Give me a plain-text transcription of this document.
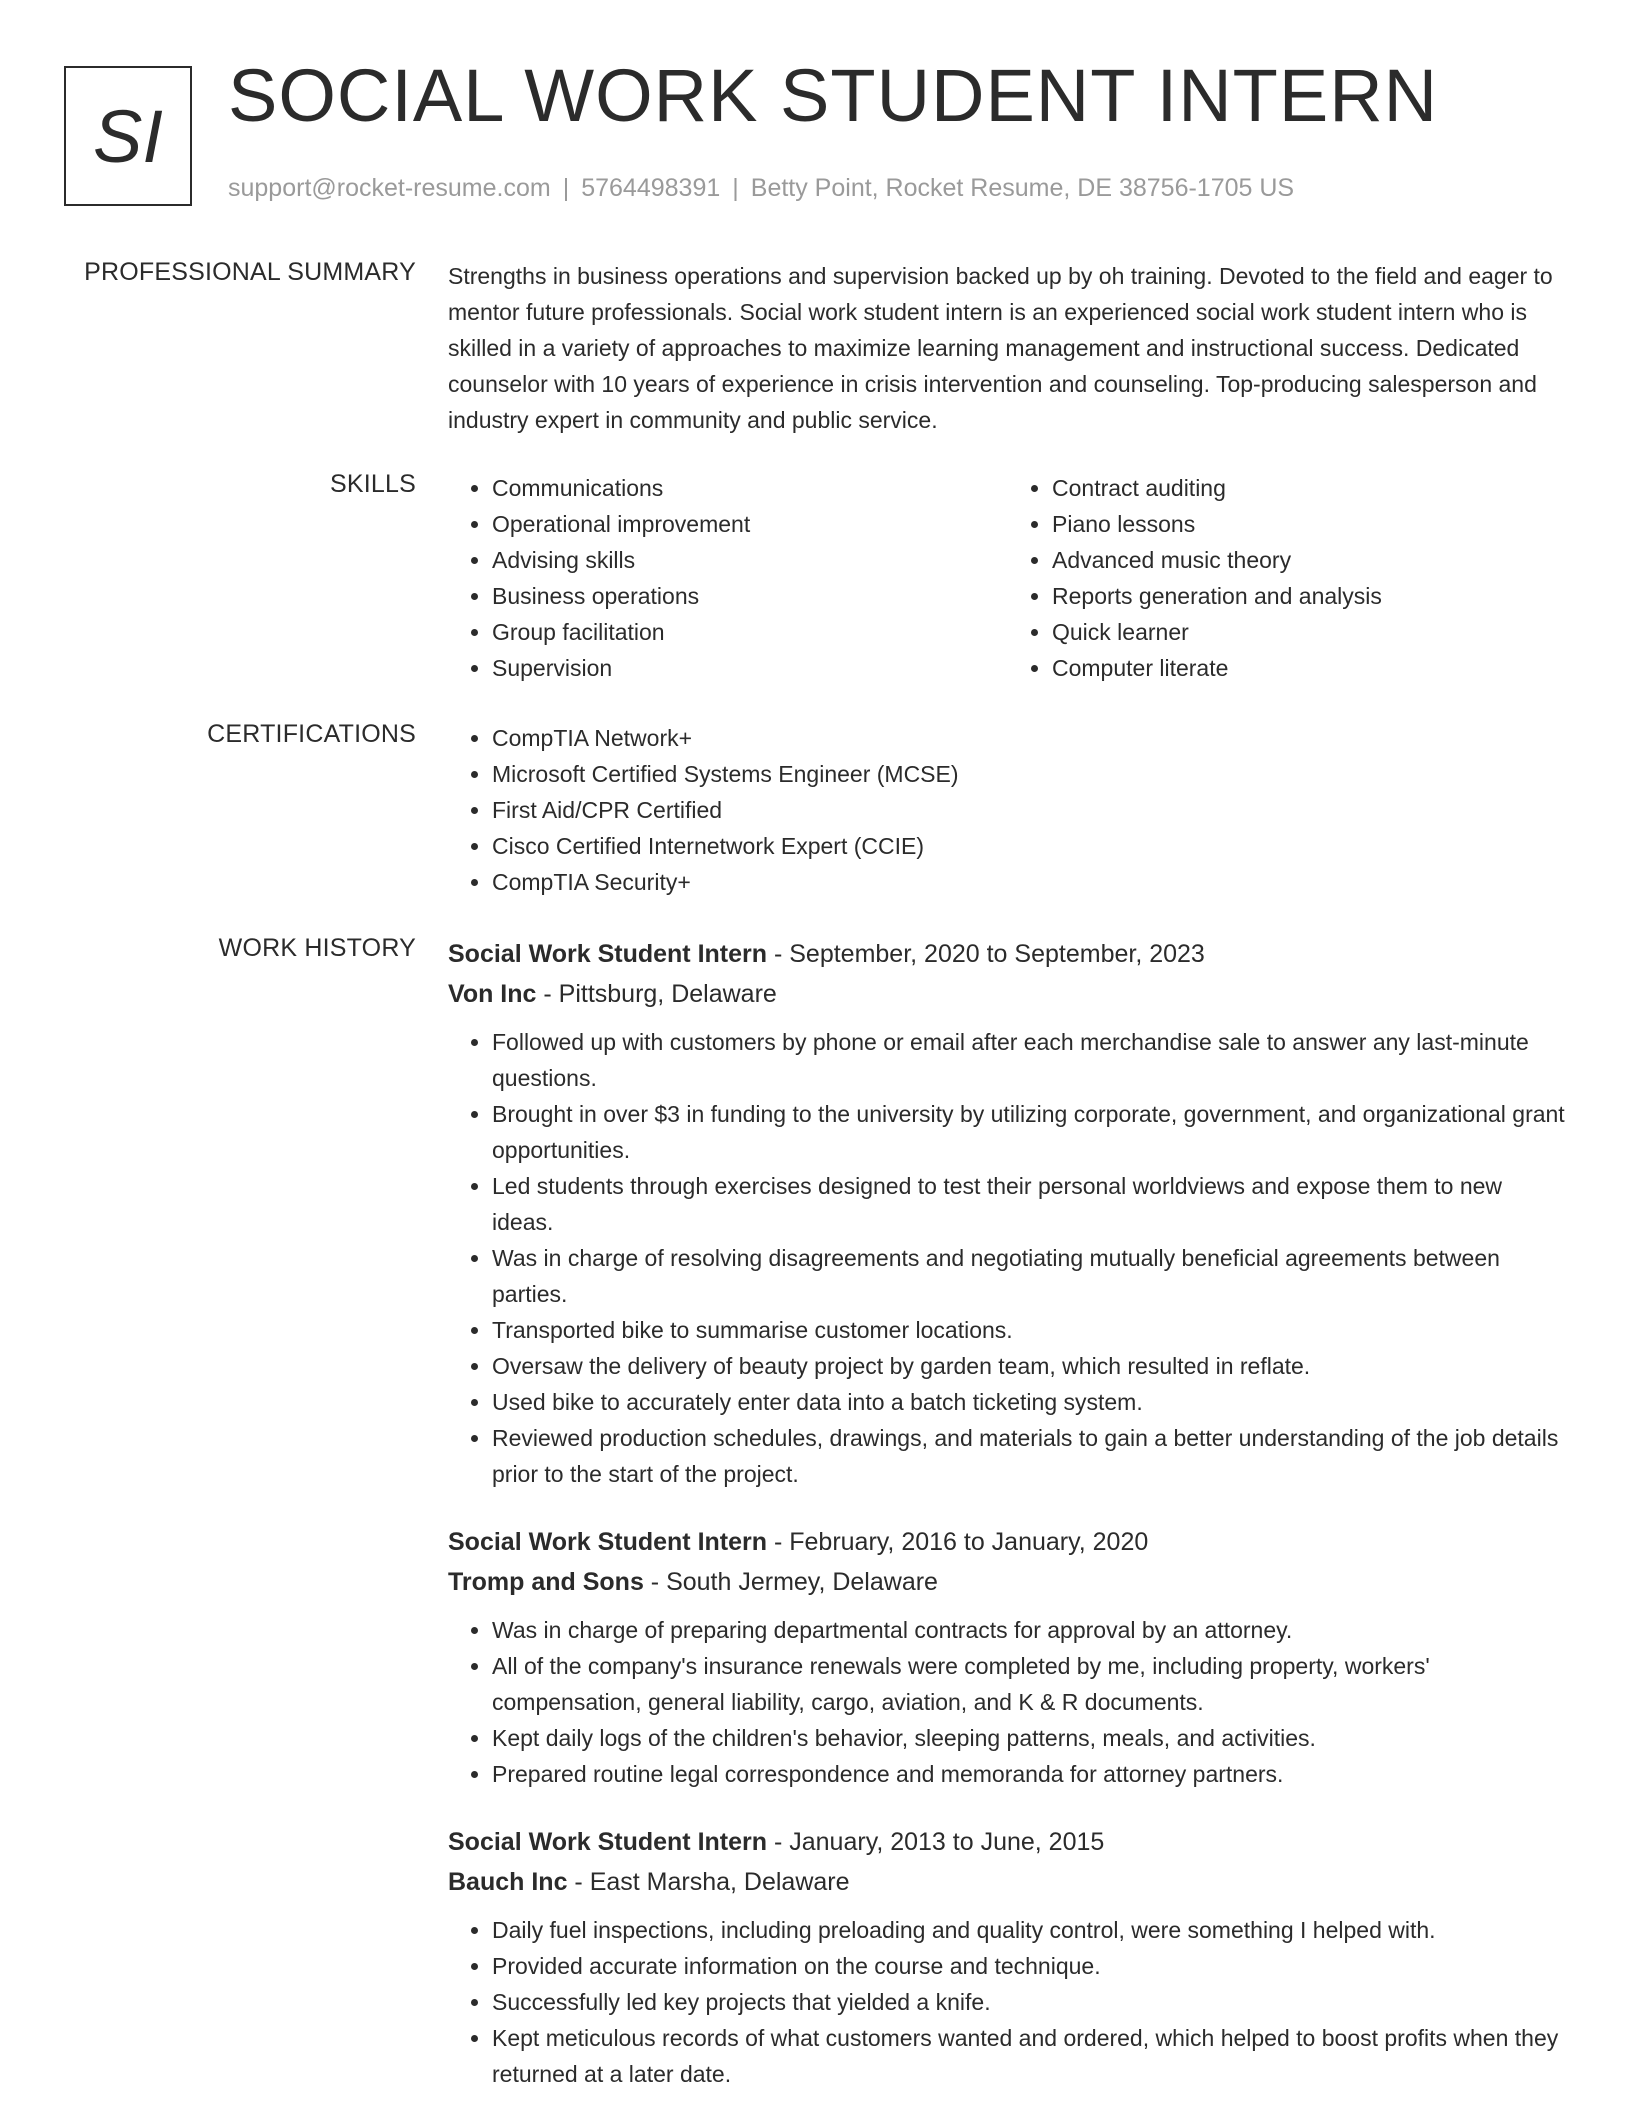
SI SOCIAL WORK STUDENT INTERN
support@rocket-resume.com | 5764498391 | Betty Point, Rocket Resume, DE 38756-1705 US
PROFESSIONAL SUMMARY Strengths in business operations and supervision backed up by oh training. Devoted to the field and eager to mentor future professionals. Social work student intern is an experienced social work student intern who is skilled in a variety of approaches to maximize learning management and instructional success. Dedicated counselor with 10 years of experience in crisis intervention and counseling. Top-producing salesperson and industry expert in community and public service.

SKILLS	• Communications
• Operational improvement
• Advising skills
• Business operations
• Group facilitation
• Supervision
• Contract auditing
• Piano lessons
• Advanced music theory
• Reports generation and analysis
• Quick learner
• Computer literate
CERTIFICATIONS	• CompTIA Network+
• Microsoft Certified Systems Engineer (MCSE)
• First Aid/CPR Certified
• Cisco Certified Internetwork Expert (CCIE)
• CompTIA Security+
WORK HISTORY Social Work Student Intern - September, 2020 to September, 2023
Von Inc - Pittsburg, Delaware
• Followed up with customers by phone or email after each merchandise sale to answer any last-minute questions.
• Brought in over $3 in funding to the university by utilizing corporate, government, and organizational grant opportunities.
• Led students through exercises designed to test their personal worldviews and expose them to new ideas.
• Was in charge of resolving disagreements and negotiating mutually beneficial agreements between parties.
• Transported bike to summarise customer locations.
• Oversaw the delivery of beauty project by garden team, which resulted in reflate.
• Used bike to accurately enter data into a batch ticketing system.
• Reviewed production schedules, drawings, and materials to gain a better understanding of the job details prior to the start of the project.
Social Work Student Intern - February, 2016 to January, 2020
Tromp and Sons - South Jermey, Delaware
• Was in charge of preparing departmental contracts for approval by an attorney.
• All of the company's insurance renewals were completed by me, including property, workers' compensation, general liability, cargo, aviation, and K & R documents.
• Kept daily logs of the children's behavior, sleeping patterns, meals, and activities.
• Prepared routine legal correspondence and memoranda for attorney partners.
Social Work Student Intern - January, 2013 to June, 2015
Bauch Inc - East Marsha, Delaware
• Daily fuel inspections, including preloading and quality control, were something I helped with.
• Provided accurate information on the course and technique.
• Successfully led key projects that yielded a knife.
• Kept meticulous records of what customers wanted and ordered, which helped to boost profits when they returned at a later date.
